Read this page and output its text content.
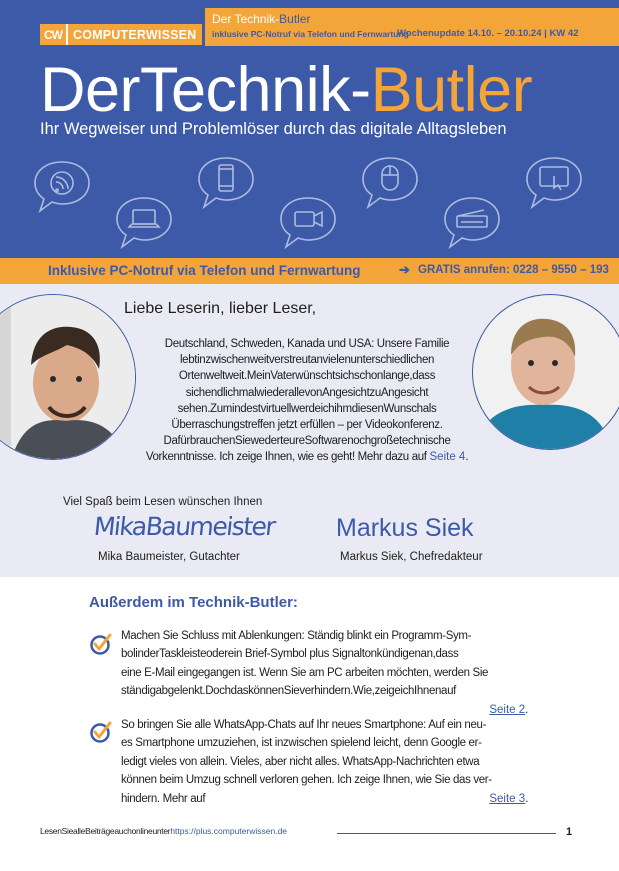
CW COMPUTERWISSEN
Der Technik-Butler
inklusive PC-Notruf via Telefon und Fernwartung
Wochenupdate 14.10. – 20.10.24 | KW 42
DerTechnik-Butler
Ihr Wegweiser und Problemlöser durch das digitale Alltagsleben
Inklusive PC-Notruf via Telefon und Fernwartung	➔ GRATIS anrufen: 0228 – 9550 – 193
Liebe Leserin, lieber Leser,
Deutschland, Schweden, Kanada und USA: Unsere Familie
lebtinzwischenweitverstreutanvielenunterschiedlichen
Ortenweltweit.MeinVaterwünschtsichschonlange,dass
sichendlichmalwiederallevonAngesichtzuAngesicht
sehen.ZumindestvirtuellwerdeichihmdiesenWunschals
Überraschungstreffen jetzt erfüllen – per Videokonferenz.
DafürbrauchenSiewederteureSoftwarenochgroßetechnische
Vorkenntnisse. Ich zeige Ihnen, wie es geht! Mehr dazu auf Seite 4.
Viel Spaß beim Lesen wünschen Ihnen
MikaBaumeister Markus Siek
Mika Baumeister, Gutachter	Markus Siek, Chefredakteur
Außerdem im Technik-Butler:
Machen Sie Schluss mit Ablenkungen: Ständig blinkt ein Programm-Sym-
bolinderTaskleisteoderein Brief-Symbol plus Signaltonkündigenan,dass
eine E-Mail eingegangen ist. Wenn Sie am PC arbeiten möchten, werden Sie
ständigabgelenkt.DochdaskönnenSieverhindern.Wie,zeigeichIhnenauf
Seite 2.
So bringen Sie alle WhatsApp-Chats auf Ihr neues Smartphone: Auf ein neu-
es Smartphone umzuziehen, ist inzwischen spielend leicht, denn Google er-
ledigt vieles von allein. Vieles, aber nicht alles. WhatsApp-Nachrichten etwa
können beim Umzug schnell verloren gehen. Ich zeige Ihnen, wie Sie das ver-
hindern. Mehr auf	Seite 3.
LesenSiealleBeiträgeauchonlineunterhttps://plus.computerwissen.de	1
